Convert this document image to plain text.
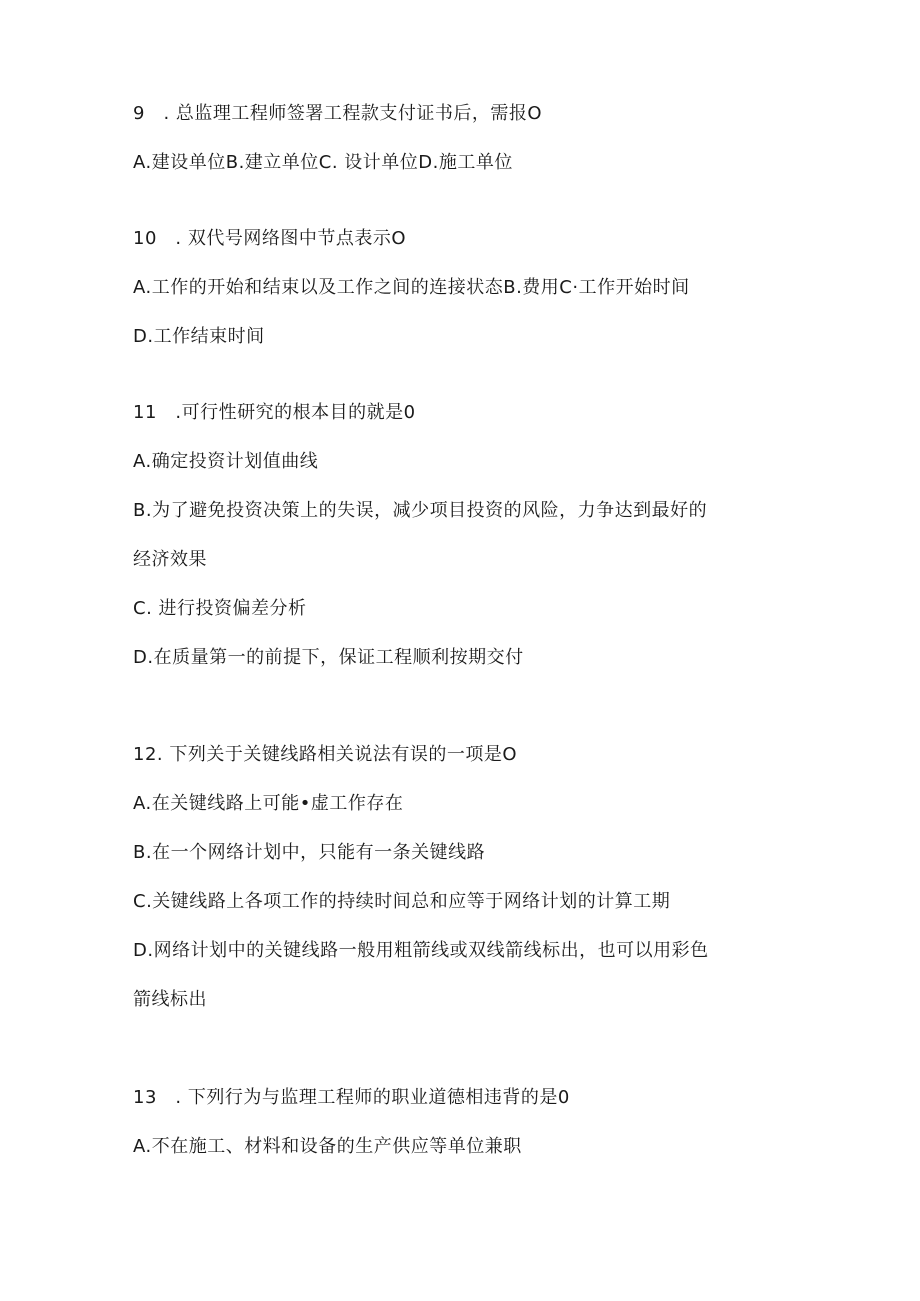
9　. 总监理工程师签署工程款支付证书后，需报O
A.建设单位B.建立单位C. 设计单位D.施工单位
10　. 双代号网络图中节点表示O
A.工作的开始和结束以及工作之间的连接状态B.费用C·工作开始时间
D.工作结束时间
11　.可行性研究的根本目的就是0
A.确定投资计划值曲线
B.为了避免投资决策上的失误，减少项目投资的风险，力争达到最好的
经济效果
C. 进行投资偏差分析
D.在质量第一的前提下，保证工程顺利按期交付
12. 下列关于关键线路相关说法有误的一项是O
A.在关键线路上可能•虚工作存在
B.在一个网络计划中，只能有一条关键线路
C.关键线路上各项工作的持续时间总和应等于网络计划的计算工期
D.网络计划中的关键线路一般用粗箭线或双线箭线标出，也可以用彩色
箭线标出
13　. 下列行为与监理工程师的职业道德相违背的是0
A.不在施工、材料和设备的生产供应等单位兼职
